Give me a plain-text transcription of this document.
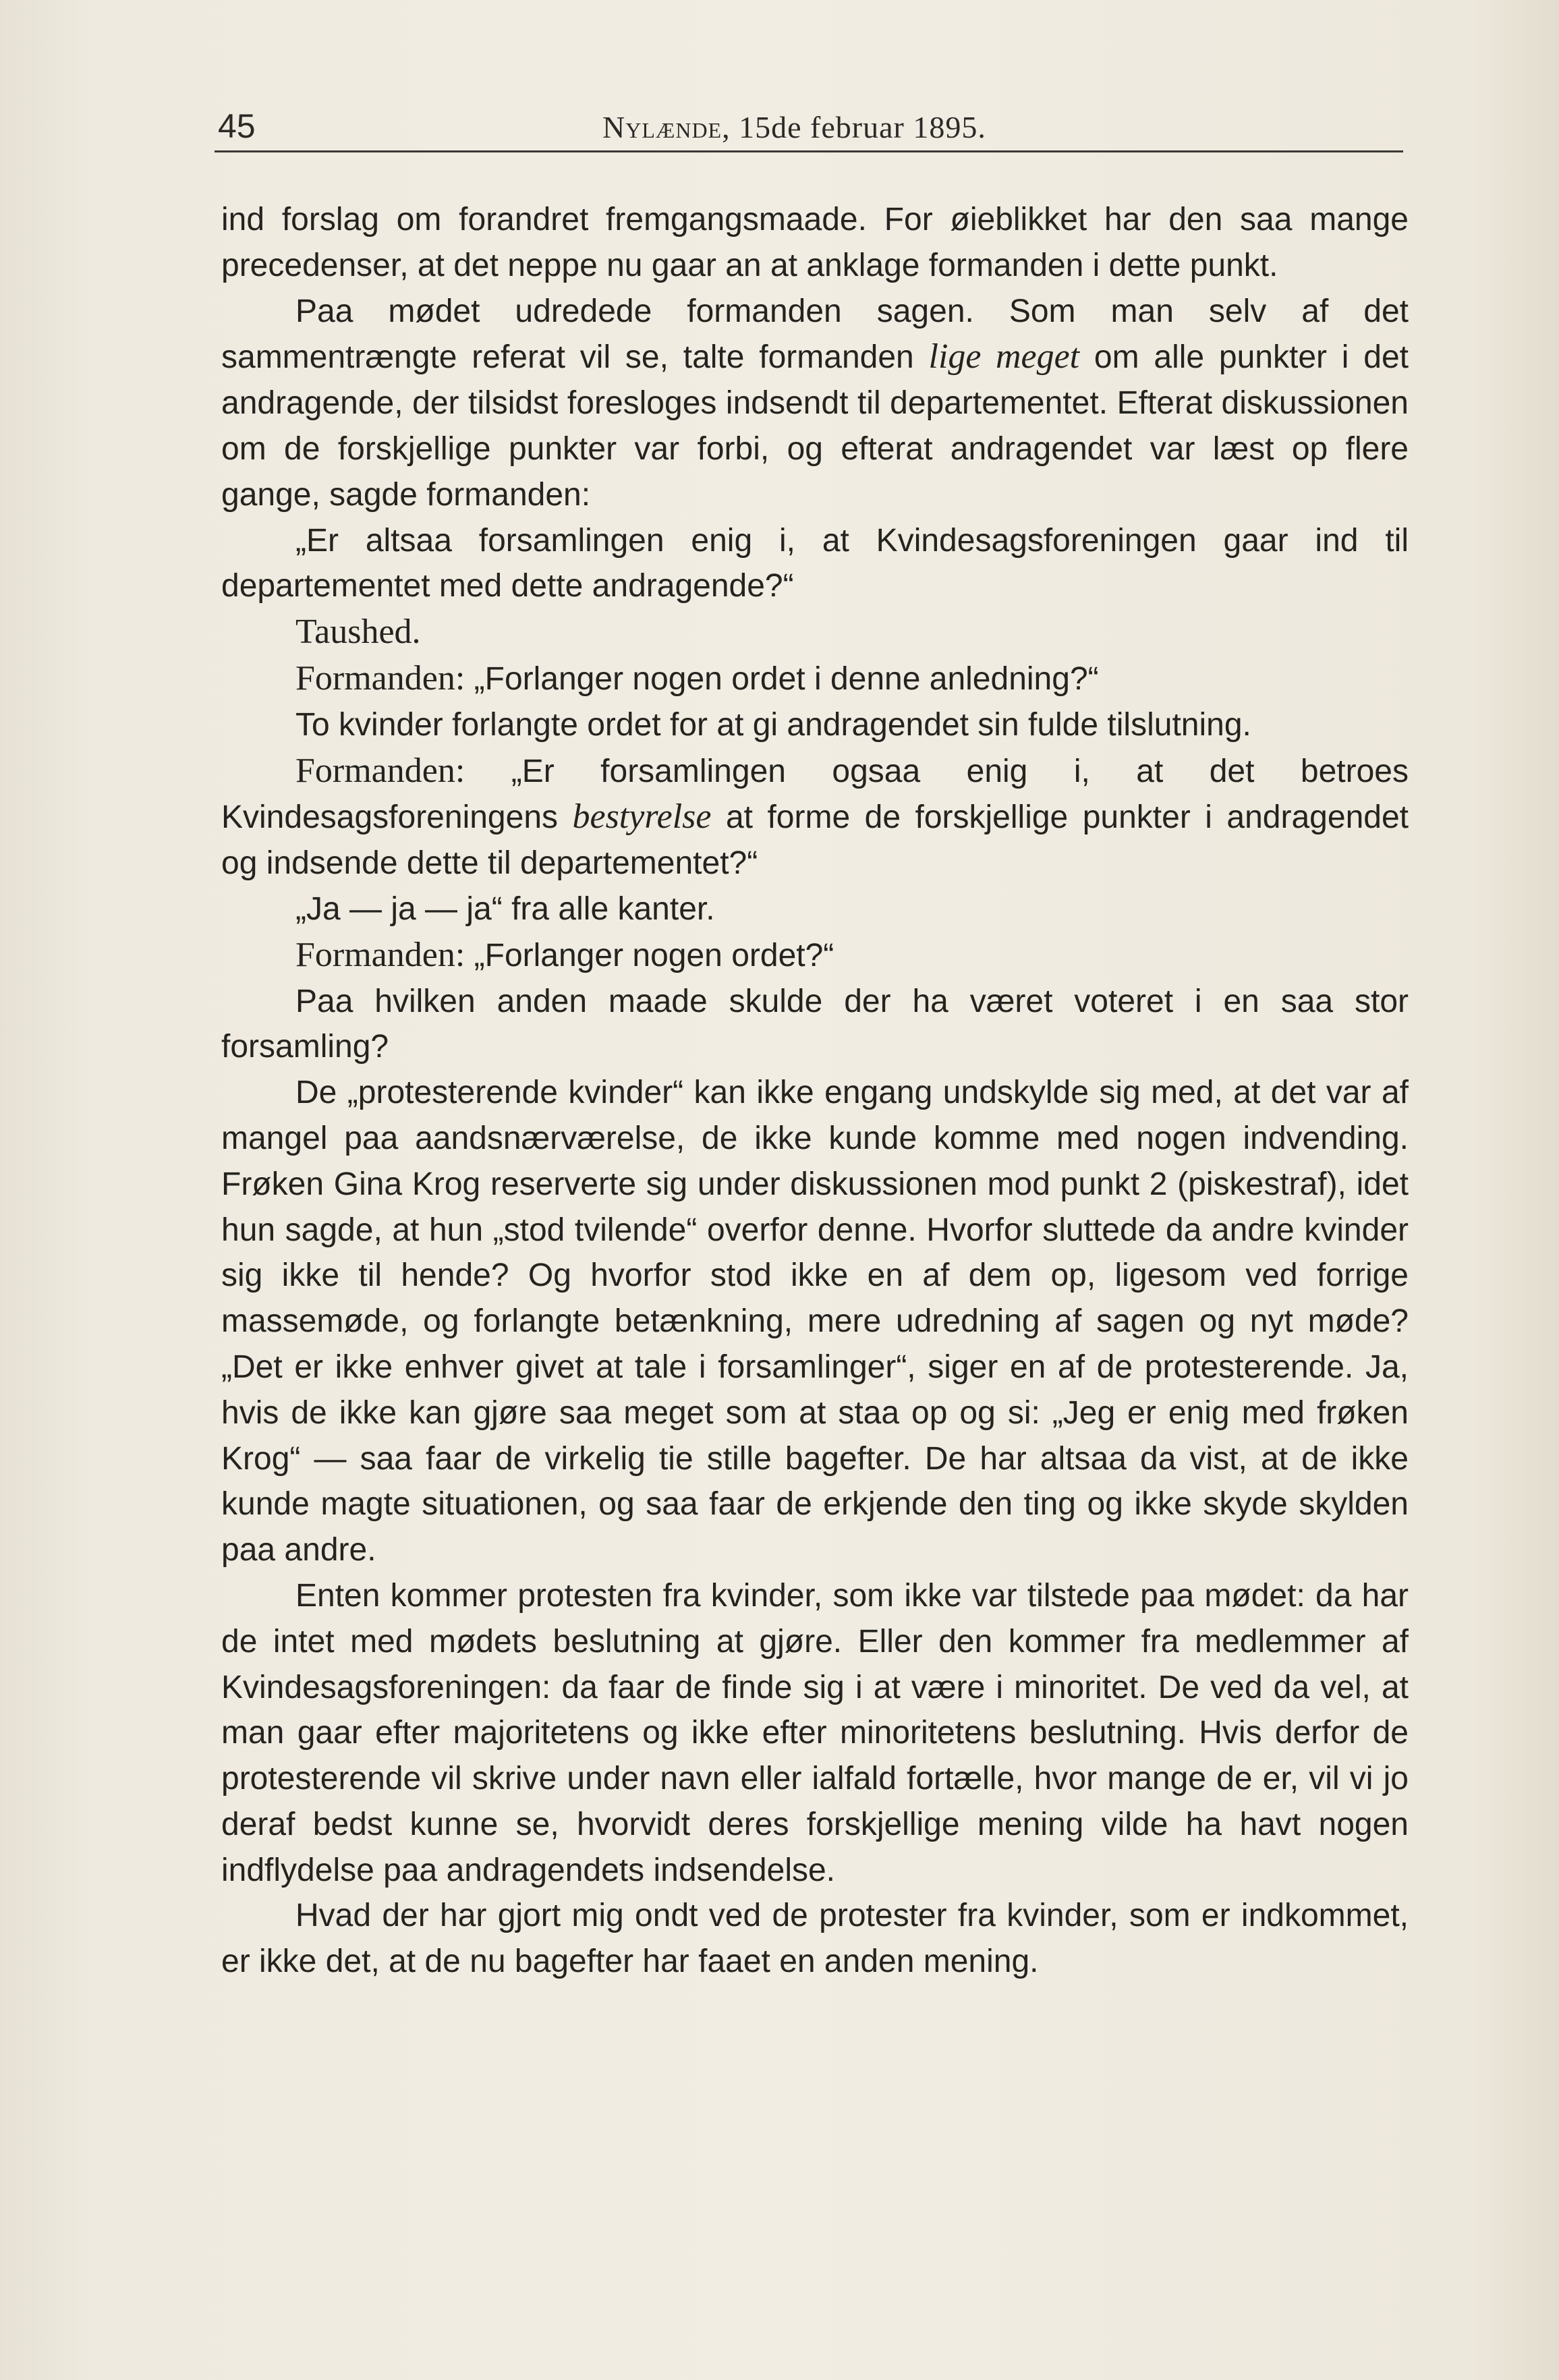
45	Nylænde, 15de februar 1895.

ind forslag om forandret fremgangsmaade. For øieblikket har den saa mange precedenser, at det neppe nu gaar an at anklage formanden i dette punkt.

Paa mødet udredede formanden sagen. Som man selv af det sammentrængte referat vil se, talte formanden lige meget om alle punkter i det andragende, der tilsidst foresloges indsendt til departementet. Efterat diskussionen om de forskjellige punkter var forbi, og efterat andragendet var læst op flere gange, sagde formanden:

„Er altsaa forsamlingen enig i, at Kvindesagsforeningen gaar ind til departementet med dette andragende?“

Taushed.

Formanden: „Forlanger nogen ordet i denne anledning?“

To kvinder forlangte ordet for at gi andragendet sin fulde tilslutning.

Formanden: „Er forsamlingen ogsaa enig i, at det betroes Kvindesagsforeningens bestyrelse at forme de forskjellige punkter i andragendet og indsende dette til departementet?“

„Ja — ja — ja“ fra alle kanter.

Formanden: „Forlanger nogen ordet?“

Paa hvilken anden maade skulde der ha været voteret i en saa stor forsamling?

De „protesterende kvinder“ kan ikke engang undskylde sig med, at det var af mangel paa aandsnærværelse, de ikke kunde komme med nogen indvending. Frøken Gina Krog reserverte sig under diskussionen mod punkt 2 (piskestraf), idet hun sagde, at hun „stod tvilende“ overfor denne. Hvorfor sluttede da andre kvinder sig ikke til hende? Og hvorfor stod ikke en af dem op, ligesom ved forrige massemøde, og forlangte betænkning, mere udredning af sagen og nyt møde? „Det er ikke enhver givet at tale i forsamlinger“, siger en af de protesterende. Ja, hvis de ikke kan gjøre saa meget som at staa op og si: „Jeg er enig med frøken Krog“ — saa faar de virkelig tie stille bagefter. De har altsaa da vist, at de ikke kunde magte situationen, og saa faar de erkjende den ting og ikke skyde skylden paa andre.

Enten kommer protesten fra kvinder, som ikke var tilstede paa mødet: da har de intet med mødets beslutning at gjøre. Eller den kommer fra medlemmer af Kvindesagsforeningen: da faar de finde sig i at være i minoritet. De ved da vel, at man gaar efter majoritetens og ikke efter minoritetens beslutning. Hvis derfor de protesterende vil skrive under navn eller ialfald fortælle, hvor mange de er, vil vi jo deraf bedst kunne se, hvorvidt deres forskjellige mening vilde ha havt nogen indflydelse paa andragendets indsendelse.

Hvad der har gjort mig ondt ved de protester fra kvinder, som er indkommet, er ikke det, at de nu bagefter har faaet en anden mening.
